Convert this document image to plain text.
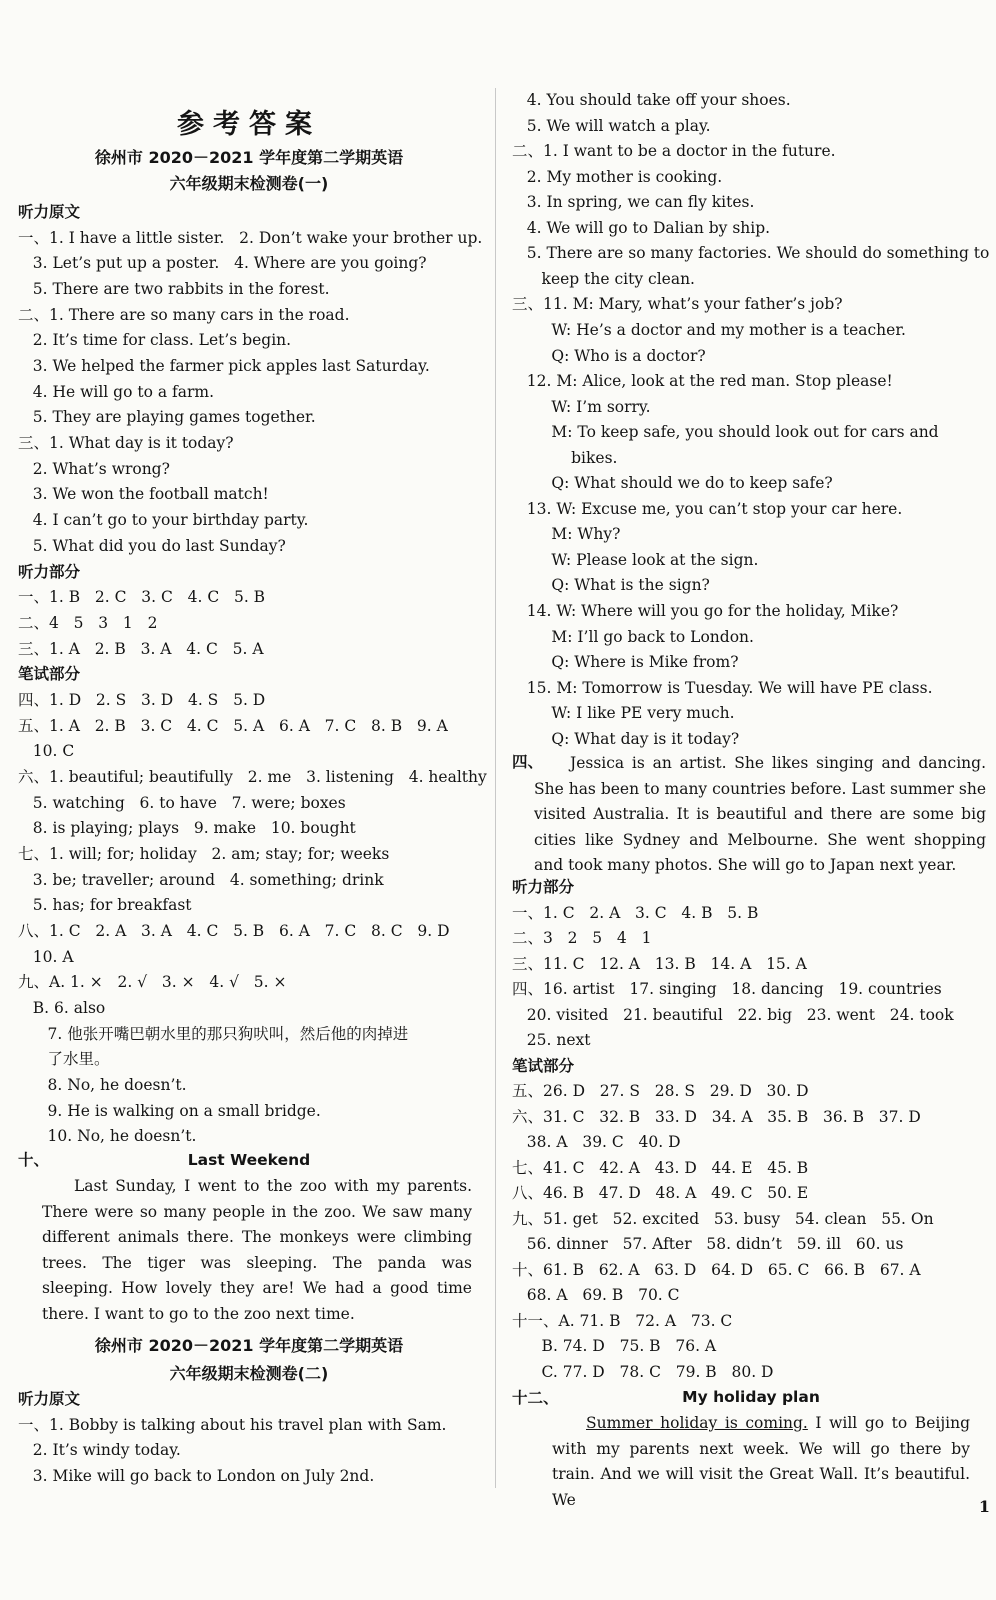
参考答案
徐州市 2020－2021 学年度第二学期英语
六年级期末检测卷(一)
听力原文
一、1. I have a little sister.   2. Don’t wake your brother up.
3. Let’s put up a poster.   4. Where are you going?
5. There are two rabbits in the forest.
二、1. There are so many cars in the road.
2. It’s time for class. Let’s begin.
3. We helped the farmer pick apples last Saturday.
4. He will go to a farm.
5. They are playing games together.
三、1. What day is it today?
2. What’s wrong?
3. We won the football match!
4. I can’t go to your birthday party.
5. What did you do last Sunday?
听力部分
一、1. B   2. C   3. C   4. C   5. B
二、4   5   3   1   2
三、1. A   2. B   3. A   4. C   5. A
笔试部分
四、1. D   2. S   3. D   4. S   5. D
五、1. A   2. B   3. C   4. C   5. A   6. A   7. C   8. B   9. A
10. C
六、1. beautiful; beautifully   2. me   3. listening   4. healthy
5. watching   6. to have   7. were; boxes
8. is playing; plays   9. make   10. bought
七、1. will; for; holiday   2. am; stay; for; weeks
3. be; traveller; around   4. something; drink
5. has; for breakfast
八、1. C   2. A   3. A   4. C   5. B   6. A   7. C   8. C   9. D
10. A
九、A. 1. ×   2. √   3. ×   4. √   5. ×
B. 6. also
7. 他张开嘴巴朝水里的那只狗吠叫，然后他的肉掉进
了水里。
8. No, he doesn’t.
9. He is walking on a small bridge.
10. No, he doesn’t.
十、	Last Weekend
Last Sunday, I went to the zoo with my parents. There were so many people in the zoo. We saw many different animals there. The monkeys were climbing trees. The tiger was sleeping. The panda was sleeping. How lovely they are! We had a good time there. I want to go to the zoo next time.
徐州市 2020－2021 学年度第二学期英语
六年级期末检测卷(二)
听力原文
一、1. Bobby is talking about his travel plan with Sam.
2. It’s windy today.
3. Mike will go back to London on July 2nd.
4. You should take off your shoes.
5. We will watch a play.
二、1. I want to be a doctor in the future.
2. My mother is cooking.
3. In spring, we can fly kites.
4. We will go to Dalian by ship.
5. There are so many factories. We should do something to
keep the city clean.
三、11. M: Mary, what’s your father’s job?
W: He’s a doctor and my mother is a teacher.
Q: Who is a doctor?
12. M: Alice, look at the red man. Stop please!
W: I’m sorry.
M: To keep safe, you should look out for cars and
bikes.
Q: What should we do to keep safe?
13. W: Excuse me, you can’t stop your car here.
M: Why?
W: Please look at the sign.
Q: What is the sign?
14. W: Where will you go for the holiday, Mike?
M: I’ll go back to London.
Q: Where is Mike from?
15. M: Tomorrow is Tuesday. We will have PE class.
W: I like PE very much.
Q: What day is it today?
四、	Jessica is an artist. She likes singing and dancing. She has been to many countries before. Last summer she visited Australia. It is beautiful and there are some big cities like Sydney and Melbourne. She went shopping and took many photos. She will go to Japan next year.
听力部分
一、1. C   2. A   3. C   4. B   5. B
二、3   2   5   4   1
三、11. C   12. A   13. B   14. A   15. A
四、16. artist   17. singing   18. dancing   19. countries
20. visited   21. beautiful   22. big   23. went   24. took
25. next
笔试部分
五、26. D   27. S   28. S   29. D   30. D
六、31. C   32. B   33. D   34. A   35. B   36. B   37. D
38. A   39. C   40. D
七、41. C   42. A   43. D   44. E   45. B
八、46. B   47. D   48. A   49. C   50. E
九、51. get   52. excited   53. busy   54. clean   55. On
56. dinner   57. After   58. didn’t   59. ill   60. us
十、61. B   62. A   63. D   64. D   65. C   66. B   67. A
68. A   69. B   70. C
十一、A. 71. B   72. A   73. C
B. 74. D   75. B   76. A
C. 77. D   78. C   79. B   80. D
十二、	My holiday plan
Summer holiday is coming. I will go to Beijing with my parents next week. We will go there by train. And we will visit the Great Wall. It’s beautiful. We	1
